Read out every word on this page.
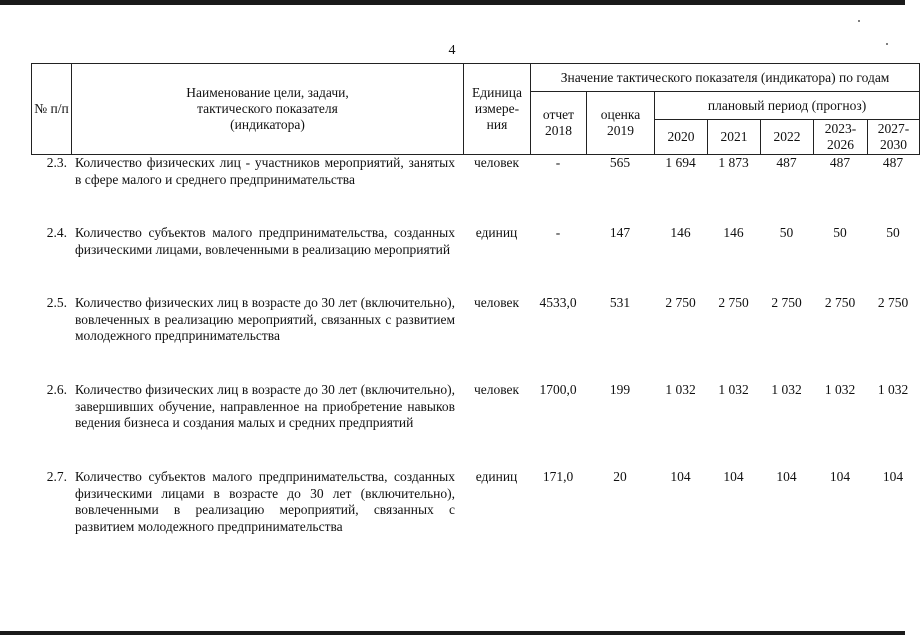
4
№ п/п	Наименование цели, задачи, тактического показателя (индикатора)	Единица измере-ния	Значение тактического показателя (индикатора) по годам						
			отчет 2018	оценка 2019	плановый период (прогноз)				
					2020	2021	2022	2023-2026	2027-2030
2.3.	Количество физических лиц - участников мероприятий, занятых в сфере малого и среднего предпринимательства	человек	-	565	1 694	1 873	487	487	487
2.4.	Количество субъектов малого предпринимательства, созданных физическими лицами, вовлеченными в реализацию мероприятий	единиц	-	147	146	146	50	50	50
2.5.	Количество физических лиц в возрасте до 30 лет (включительно), вовлеченных в реализацию мероприятий, связанных с развитием молодежного предпринимательства	человек	4533,0	531	2 750	2 750	2 750	2 750	2 750
2.6.	Количество физических лиц в возрасте до 30 лет (включительно), завершивших обучение, направленное на приобретение навыков ведения бизнеса и создания малых и средних предприятий	человек	1700,0	199	1 032	1 032	1 032	1 032	1 032
2.7.	Количество субъектов малого предпринимательства, созданных физическими лицами в возрасте до 30 лет (включительно), вовлеченными в реализацию мероприятий, связанных с развитием молодежного предпринимательства	единиц	171,0	20	104	104	104	104	104
